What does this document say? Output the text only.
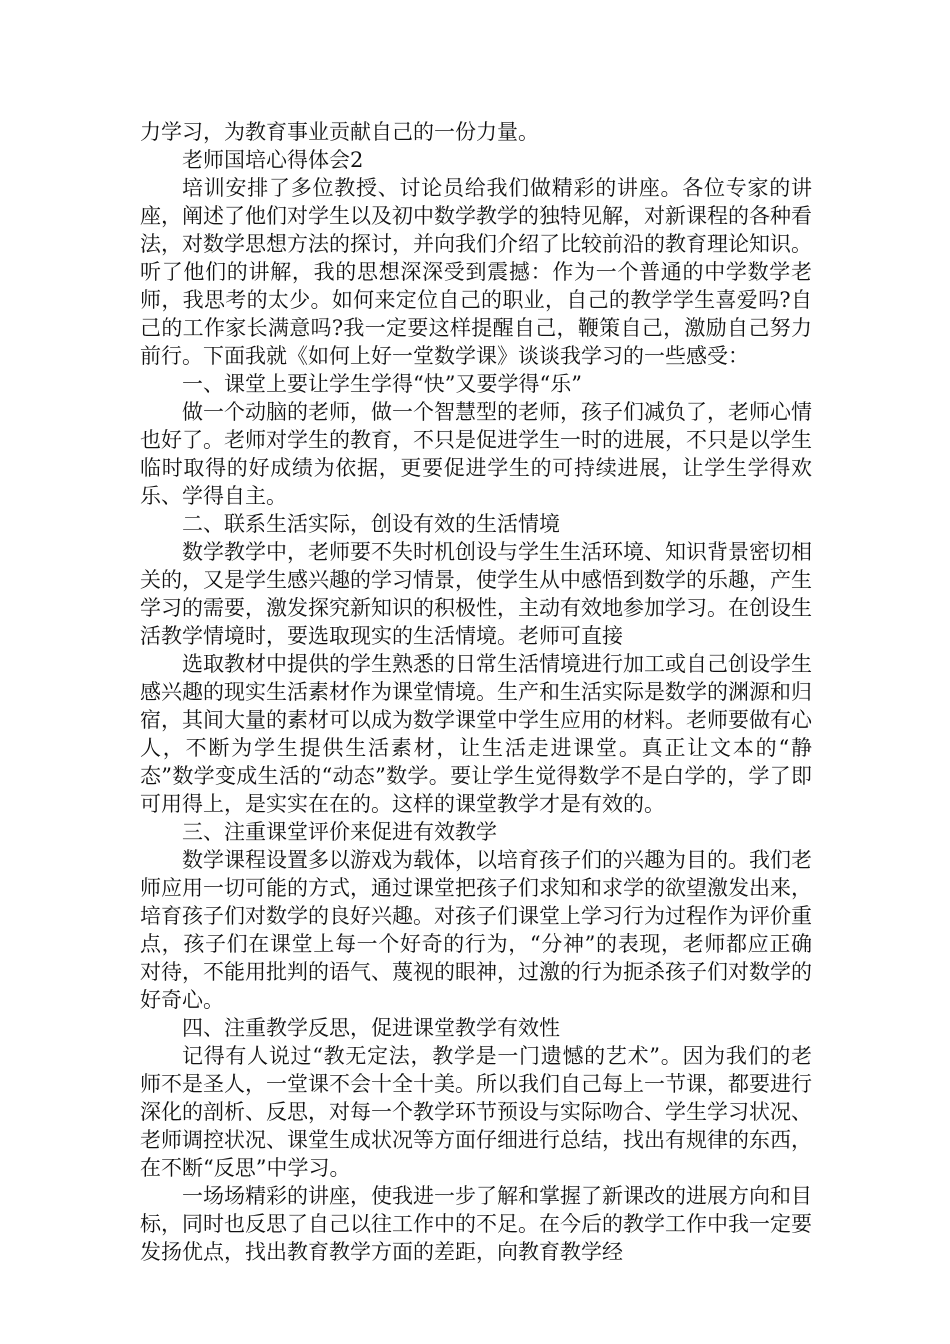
力学习，为教育事业贡献自己的一份力量。

老师国培心得体会2

培训安排了多位教授、讨论员给我们做精彩的讲座。各位专家的讲座，阐述了他们对学生以及初中数学教学的独特见解，对新课程的各种看法，对数学思想方法的探讨，并向我们介绍了比较前沿的教育理论知识。听了他们的讲解，我的思想深深受到震撼：作为一个普通的中学数学老师，我思考的太少。如何来定位自己的职业，自己的教学学生喜爱吗?自己的工作家长满意吗?我一定要这样提醒自己，鞭策自己，激励自己努力前行。下面我就《如何上好一堂数学课》谈谈我学习的一些感受：

一、课堂上要让学生学得“快”又要学得“乐”

做一个动脑的老师，做一个智慧型的老师，孩子们减负了，老师心情也好了。老师对学生的教育，不只是促进学生一时的进展，不只是以学生临时取得的好成绩为依据，更要促进学生的可持续进展，让学生学得欢乐、学得自主。

二、联系生活实际，创设有效的生活情境

数学教学中，老师要不失时机创设与学生生活环境、知识背景密切相关的，又是学生感兴趣的学习情景，使学生从中感悟到数学的乐趣，产生学习的需要，激发探究新知识的积极性，主动有效地参加学习。在创设生活教学情境时，要选取现实的生活情境。老师可直接

选取教材中提供的学生熟悉的日常生活情境进行加工或自己创设学生感兴趣的现实生活素材作为课堂情境。生产和生活实际是数学的渊源和归宿，其间大量的素材可以成为数学课堂中学生应用的材料。老师要做有心人，不断为学生提供生活素材，让生活走进课堂。真正让文本的“静态”数学变成生活的“动态”数学。要让学生觉得数学不是白学的，学了即可用得上，是实实在在的。这样的课堂教学才是有效的。

三、注重课堂评价来促进有效教学

数学课程设置多以游戏为载体，以培育孩子们的兴趣为目的。我们老师应用一切可能的方式，通过课堂把孩子们求知和求学的欲望激发出来，培育孩子们对数学的良好兴趣。对孩子们课堂上学习行为过程作为评价重点，孩子们在课堂上每一个好奇的行为，“分神”的表现，老师都应正确对待，不能用批判的语气、蔑视的眼神，过激的行为扼杀孩子们对数学的好奇心。

四、注重教学反思，促进课堂教学有效性

记得有人说过“教无定法，教学是一门遗憾的艺术”。因为我们的老师不是圣人，一堂课不会十全十美。所以我们自己每上一节课，都要进行深化的剖析、反思，对每一个教学环节预设与实际吻合、学生学习状况、老师调控状况、课堂生成状况等方面仔细进行总结，找出有规律的东西，在不断“反思”中学习。

一场场精彩的讲座，使我进一步了解和掌握了新课改的进展方向和目标，同时也反思了自己以往工作中的不足。在今后的教学工作中我一定要发扬优点，找出教育教学方面的差距，向教育教学经
